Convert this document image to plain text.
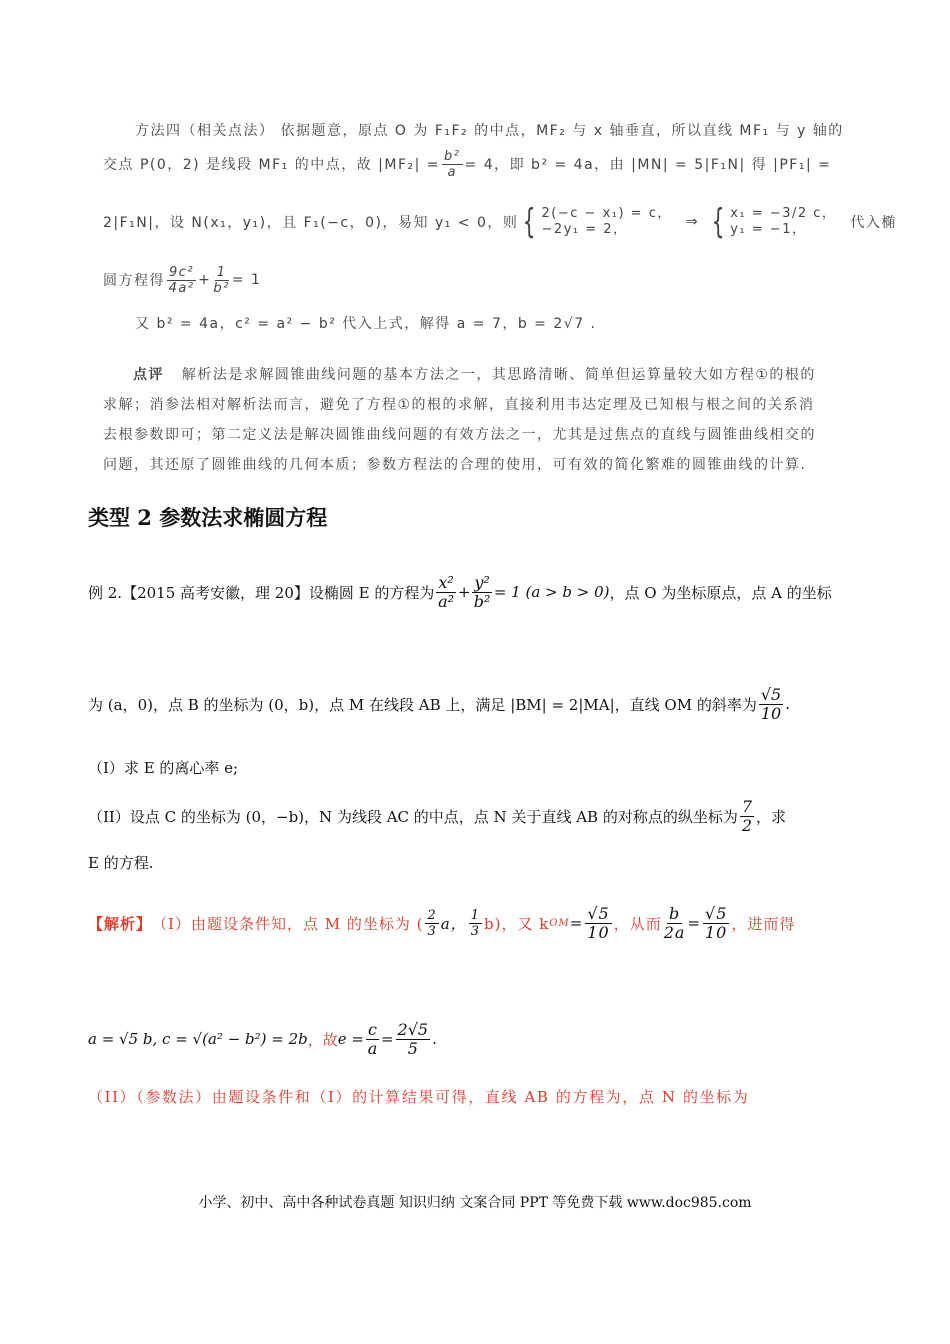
方法四（相关点法） 依据题意，原点 O 为 F₁F₂ 的中点，MF₂ 与 x 轴垂直，所以直线 MF₁ 与 y 轴的
交点 P(0，2) 是线段 MF₁ 的中点，故 $|MF_2| = \frac{\text{b²}}{a} = 4$，即 b² = 4a，由 |MN| = 5|F₁N| 得 |PF₁| =
2|F₁N|，设 N(x₁，y₁)，且 F₁(−c，0)，易知 y₁ < 0，则 { 2(−c − x₁) = c，
−2y₁ = 2，	⇒ { x₁ = −3/2 c，
y₁ = −1，	代入椭
圆方程得 $\frac{\text{9c²}}{\text{4a²}} + \frac{1}{\text{b²}} = 1$
又 b² = 4a，c² = a² − b² 代入上式，解得 a = 7，b = 2√7 .
点评 解析法是求解圆锥曲线问题的基本方法之一，其思路清晰、简单但运算量较大如方程①的根的
求解；消参法相对解析法而言，避免了方程①的根的求解，直接利用韦达定理及已知根与根之间的关系消
去根参数即可；第二定义法是解决圆锥曲线问题的有效方法之一，尤其是过焦点的直线与圆锥曲线相交的
问题，其还原了圆锥曲线的几何本质；参数方程法的合理的使用，可有效的简化繁难的圆锥曲线的计算.
类型 2 参数法求椭圆方程
例 2.【2015 高考安徽，理 20】设椭圆 E 的方程为 $\frac{\text{x²}}{\text{a²}} + \frac{\text{y²}}{\text{b²}} = 1$ (a > b > 0) ，点 O 为坐标原点，点 A 的坐标
为 (a，0)，点 B 的坐标为 (0，b)，点 M 在线段 AB 上，满足 |BM| = 2|MA|，直线 OM 的斜率为 $\frac{√5}{10}$ .
（I）求 E 的离心率 e;
（II）设点 C 的坐标为 (0，−b)，N 为线段 AC 的中点，点 N 关于直线 AB 的对称点的纵坐标为 $\frac{7}{2}$ ，求
E 的方程.
【解析】 （I）由题设条件知，点 M 的坐标为 ( $\frac{2}{3}$ a， $\frac{1}{3} b$)，又 k OM = $\frac{√5}{10}$ ，从而 $\frac{b}{2a} = \frac{√5}{10}$ ，进而得
a = √5 b, c = √(a² − b²) = 2b ，故 $e = \frac{c}{a} = \frac{2√5}{5}$ .
（II）（参数法）由题设条件和（I）的计算结果可得，直线 AB 的方程为，点 N 的坐标为
小学、初中、高中各种试卷真题 知识归纳 文案合同 PPT 等免费下载 www.doc985.com
